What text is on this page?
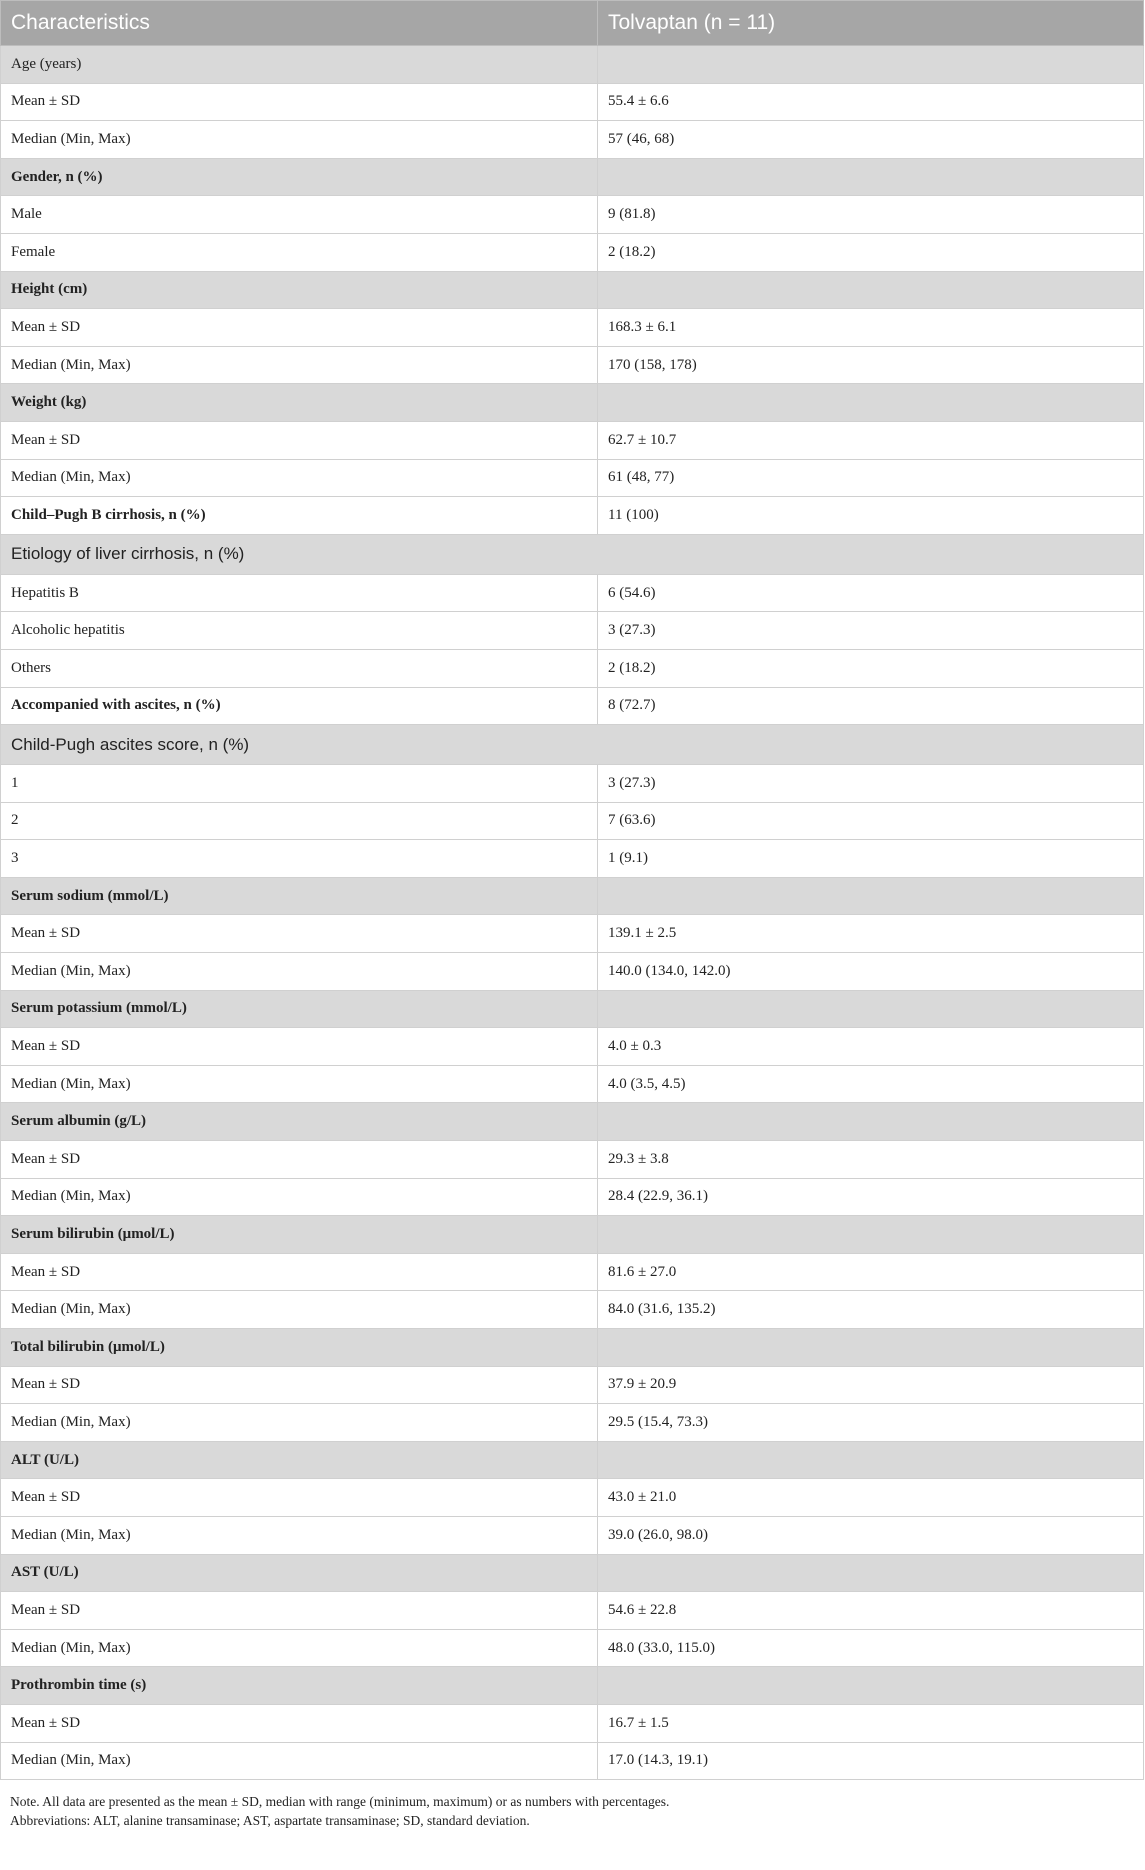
Characteristics	Tolvaptan (n = 11)
Age (years)	
Mean ± SD	55.4 ± 6.6
Median (Min, Max)	57 (46, 68)
Gender, n (%)	
Male	9 (81.8)
Female	2 (18.2)
Height (cm)	
Mean ± SD	168.3 ± 6.1
Median (Min, Max)	170 (158, 178)
Weight (kg)	
Mean ± SD	62.7 ± 10.7
Median (Min, Max)	61 (48, 77)
Child–Pugh B cirrhosis, n (%)	11 (100)
Etiology of liver cirrhosis, n (%)	
Hepatitis B	6 (54.6)
Alcoholic hepatitis	3 (27.3)
Others	2 (18.2)
Accompanied with ascites, n (%)	8 (72.7)
Child-Pugh ascites score, n (%)	
1	3 (27.3)
2	7 (63.6)
3	1 (9.1)
Serum sodium (mmol/L)	
Mean ± SD	139.1 ± 2.5
Median (Min, Max)	140.0 (134.0, 142.0)
Serum potassium (mmol/L)	
Mean ± SD	4.0 ± 0.3
Median (Min, Max)	4.0 (3.5, 4.5)
Serum albumin (g/L)	
Mean ± SD	29.3 ± 3.8
Median (Min, Max)	28.4 (22.9, 36.1)
Serum bilirubin (μmol/L)	
Mean ± SD	81.6 ± 27.0
Median (Min, Max)	84.0 (31.6, 135.2)
Total bilirubin (μmol/L)	
Mean ± SD	37.9 ± 20.9
Median (Min, Max)	29.5 (15.4, 73.3)
ALT (U/L)	
Mean ± SD	43.0 ± 21.0
Median (Min, Max)	39.0 (26.0, 98.0)
AST (U/L)	
Mean ± SD	54.6 ± 22.8
Median (Min, Max)	48.0 (33.0, 115.0)
Prothrombin time (s)	
Mean ± SD	16.7 ± 1.5
Median (Min, Max)	17.0 (14.3, 19.1)
Note. All data are presented as the mean ± SD, median with range (minimum, maximum) or as numbers with percentages.
Abbreviations: ALT, alanine transaminase; AST, aspartate transaminase; SD, standard deviation.
